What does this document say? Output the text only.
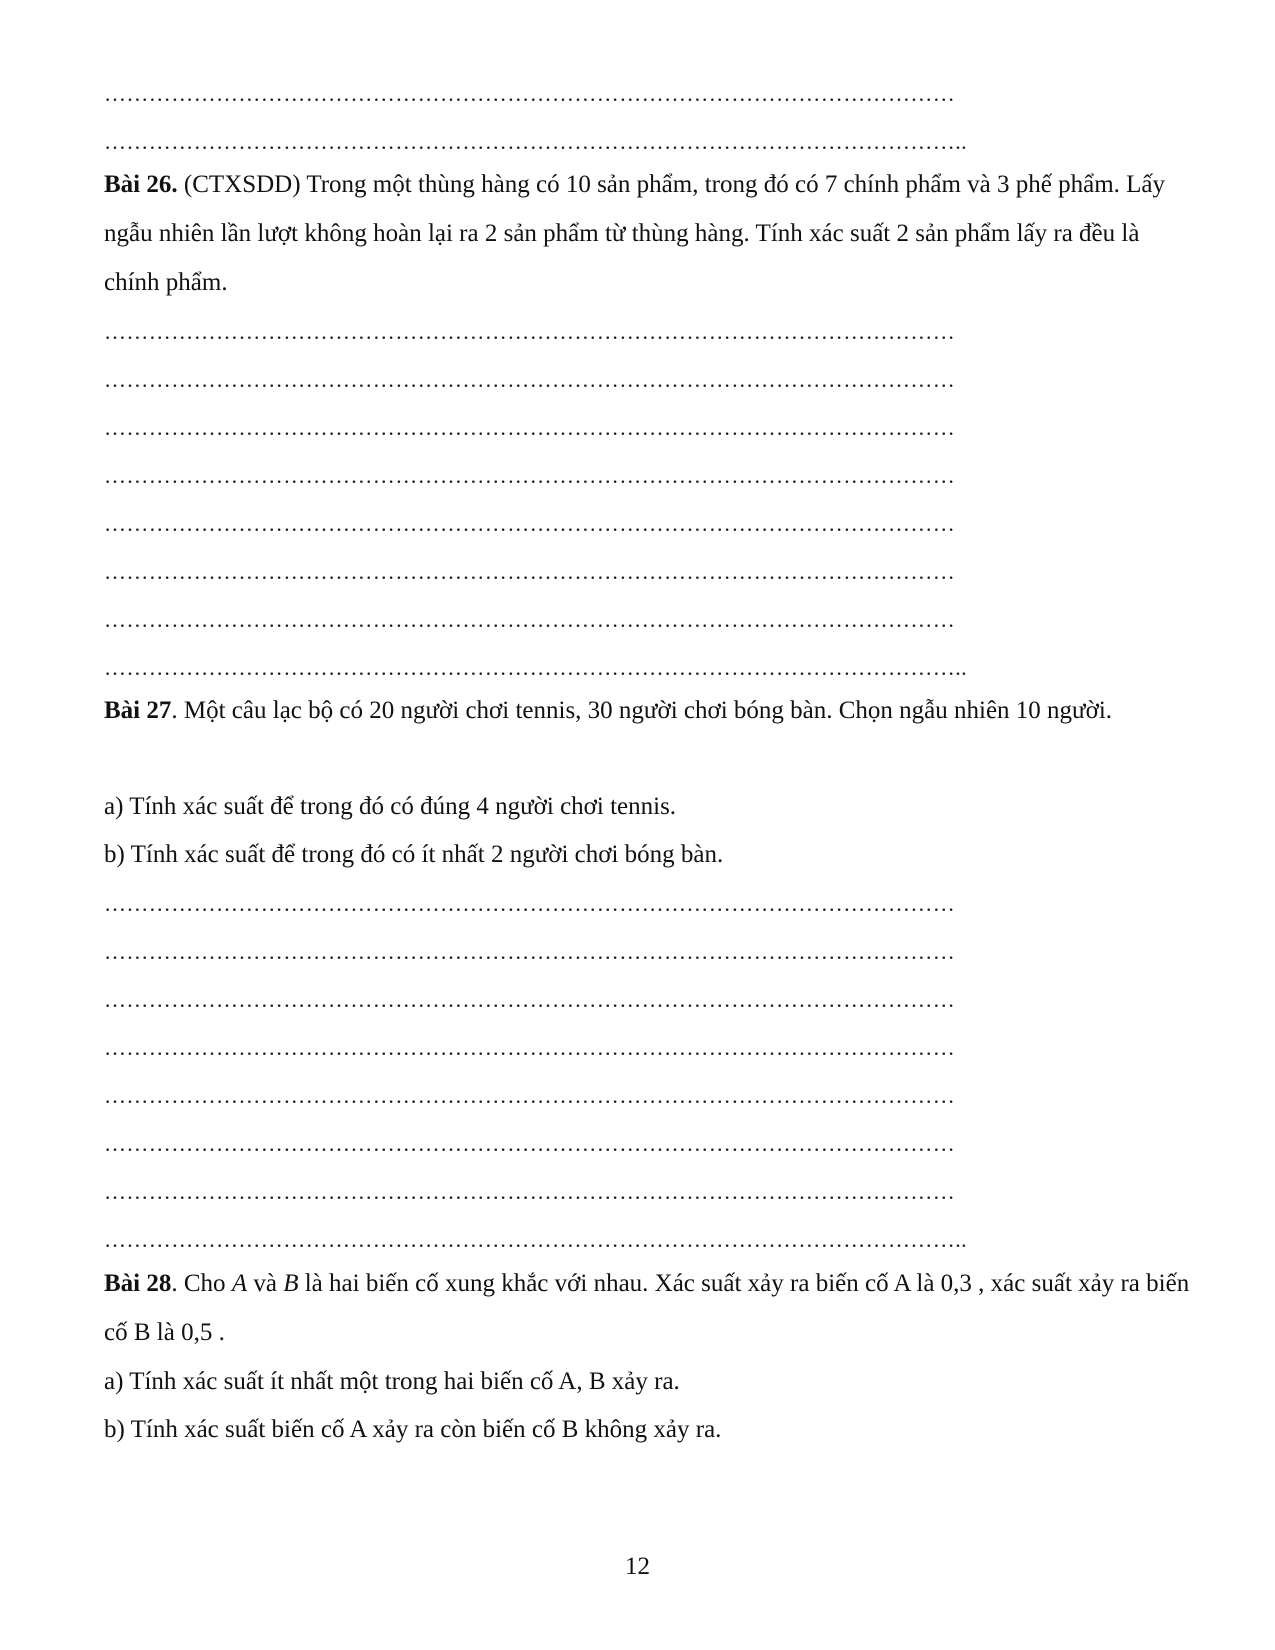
……………………………………………………………………………………………………
……………………………………………………………………………………………………..

Bài 26. (CTXSDD) Trong một thùng hàng có 10 sản phẩm, trong đó có 7 chính phẩm và 3 phế phẩm. Lấy ngẫu nhiên lần lượt không hoàn lại ra 2 sản phẩm từ thùng hàng. Tính xác suất 2 sản phẩm lấy ra đều là chính phẩm.

……………………………………………………………………………………………………
……………………………………………………………………………………………………
……………………………………………………………………………………………………
……………………………………………………………………………………………………
……………………………………………………………………………………………………
……………………………………………………………………………………………………
……………………………………………………………………………………………………
……………………………………………………………………………………………………..

Bài 27. Một câu lạc bộ có 20 người chơi tennis, 30 người chơi bóng bàn. Chọn ngẫu nhiên 10 người.

a) Tính xác suất để trong đó có đúng 4 người chơi tennis.
b) Tính xác suất để trong đó có ít nhất 2 người chơi bóng bàn.
……………………………………………………………………………………………………
……………………………………………………………………………………………………
……………………………………………………………………………………………………
……………………………………………………………………………………………………
……………………………………………………………………………………………………
……………………………………………………………………………………………………
……………………………………………………………………………………………………
……………………………………………………………………………………………………..

Bài 28. Cho A và B là hai biến cố xung khắc với nhau. Xác suất xảy ra biến cố A là 0,3 , xác suất xảy ra biến cố B là 0,5 .

a) Tính xác suất ít nhất một trong hai biến cố A, B xảy ra.
b) Tính xác suất biến cố A xảy ra còn biến cố B không xảy ra.
12
